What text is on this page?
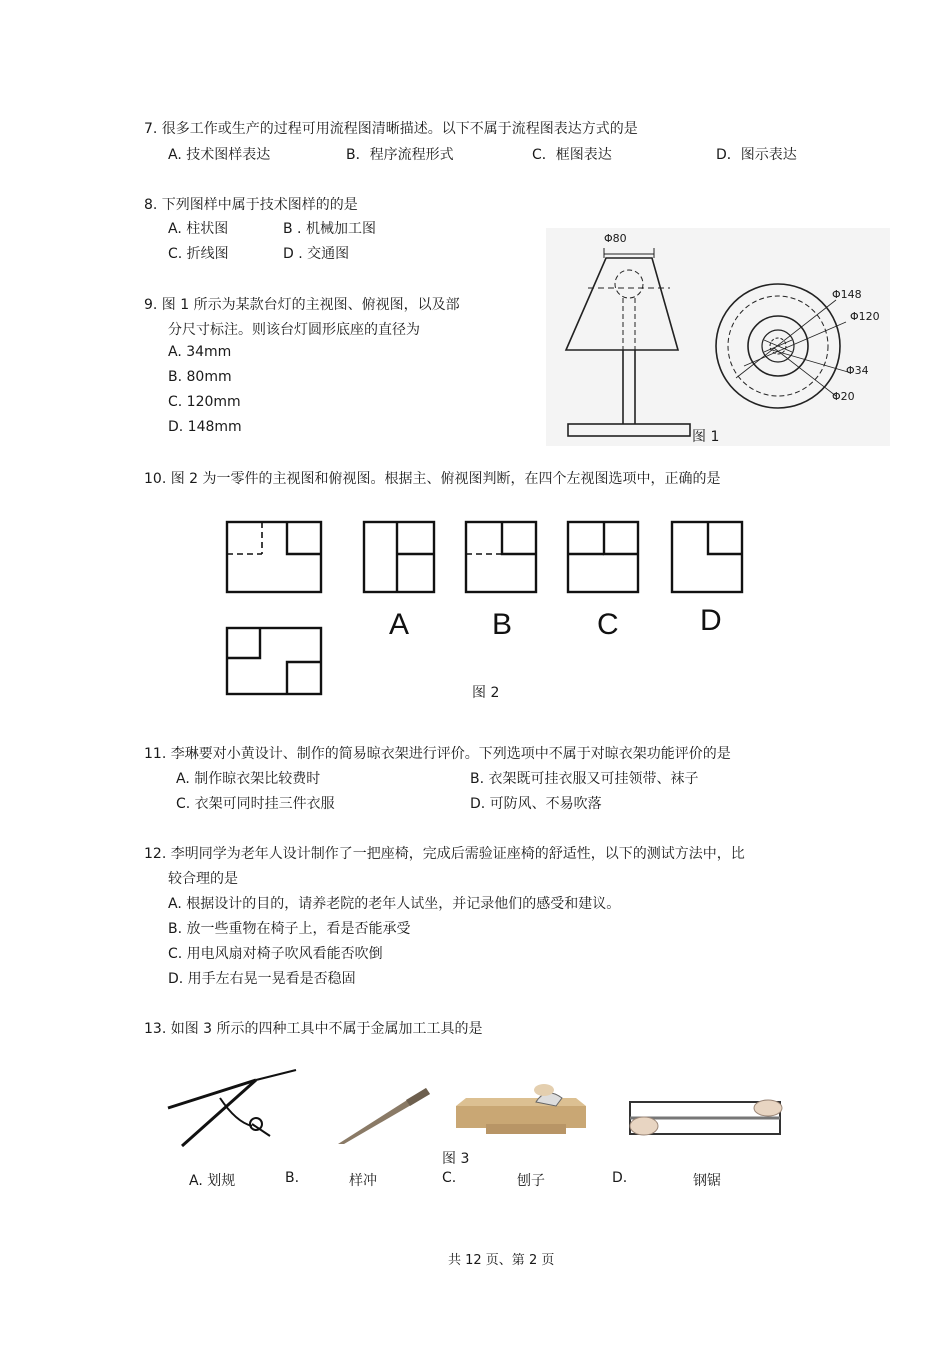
7. 很多工作或生产的过程可用流程图清晰描述。以下不属于流程图表达方式的是
A. 技术图样表达	B．程序流程形式	C．框图表达	D．图示表达
8. 下列图样中属于技术图样的的是
A. 柱状图	B . 机械加工图
C. 折线图	D . 交通图
9. 图 1 所示为某款台灯的主视图、俯视图，以及部
分尺寸标注。则该台灯圆形底座的直径为
A. 34mm
B. 80mm
C. 120mm
D. 148mm
Φ80
Φ148
Φ120
Φ34
Φ20
图 1
10. 图 2 为一零件的主视图和俯视图。根据主、俯视图判断，在四个左视图选项中，正确的是
A	B	C	D
图 2
11. 李琳要对小黄设计、制作的简易晾衣架进行评价。下列选项中不属于对晾衣架功能评价的是
A. 制作晾衣架比较费时	B. 衣架既可挂衣服又可挂领带、袜子
C. 衣架可同时挂三件衣服	D. 可防风、不易吹落
12. 李明同学为老年人设计制作了一把座椅，完成后需验证座椅的舒适性，以下的测试方法中，比
较合理的是
A. 根据设计的目的，请养老院的老年人试坐，并记录他们的感受和建议。
B. 放一些重物在椅子上，看是否能承受
C. 用电风扇对椅子吹风看能否吹倒
D. 用手左右晃一晃看是否稳固
13. 如图 3 所示的四种工具中不属于金属加工工具的是
图 3
A. 划规	B.	样冲	C.	刨子	D.	钢锯
共 12 页、第 2 页
